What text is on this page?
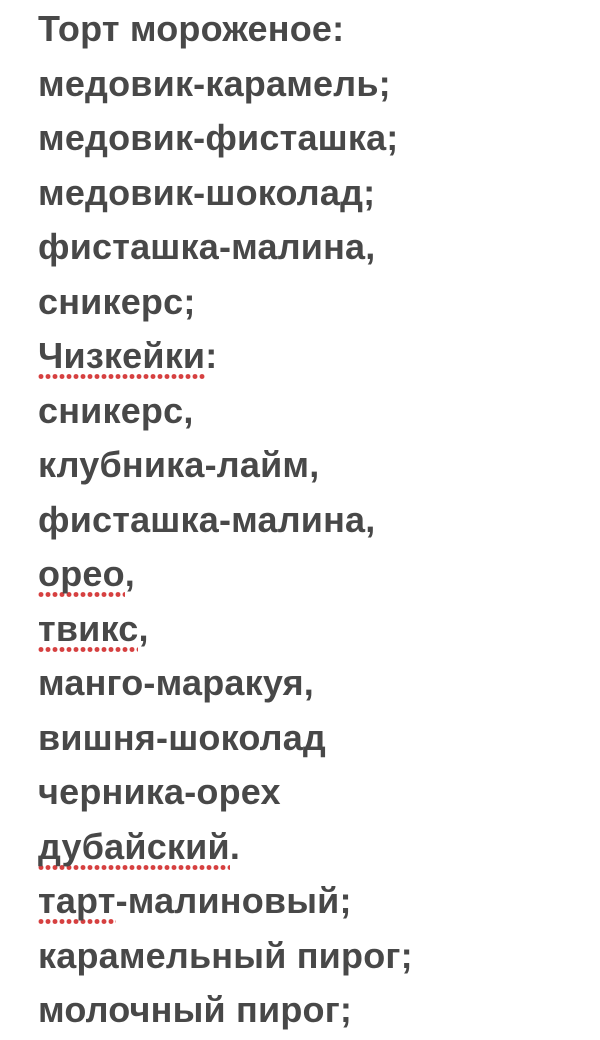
Торт мороженое:
медовик-карамель;
медовик-фисташка;
медовик-шоколад;
фисташка-малина,
сникерс;
Чизкейки:
сникерс,
клубника-лайм,
фисташка-малина,
орео,
твикс,
манго-маракуя,
вишня-шоколад
черника-орех
дубайский.
тарт-малиновый;
карамельный пирог;
молочный пирог;
